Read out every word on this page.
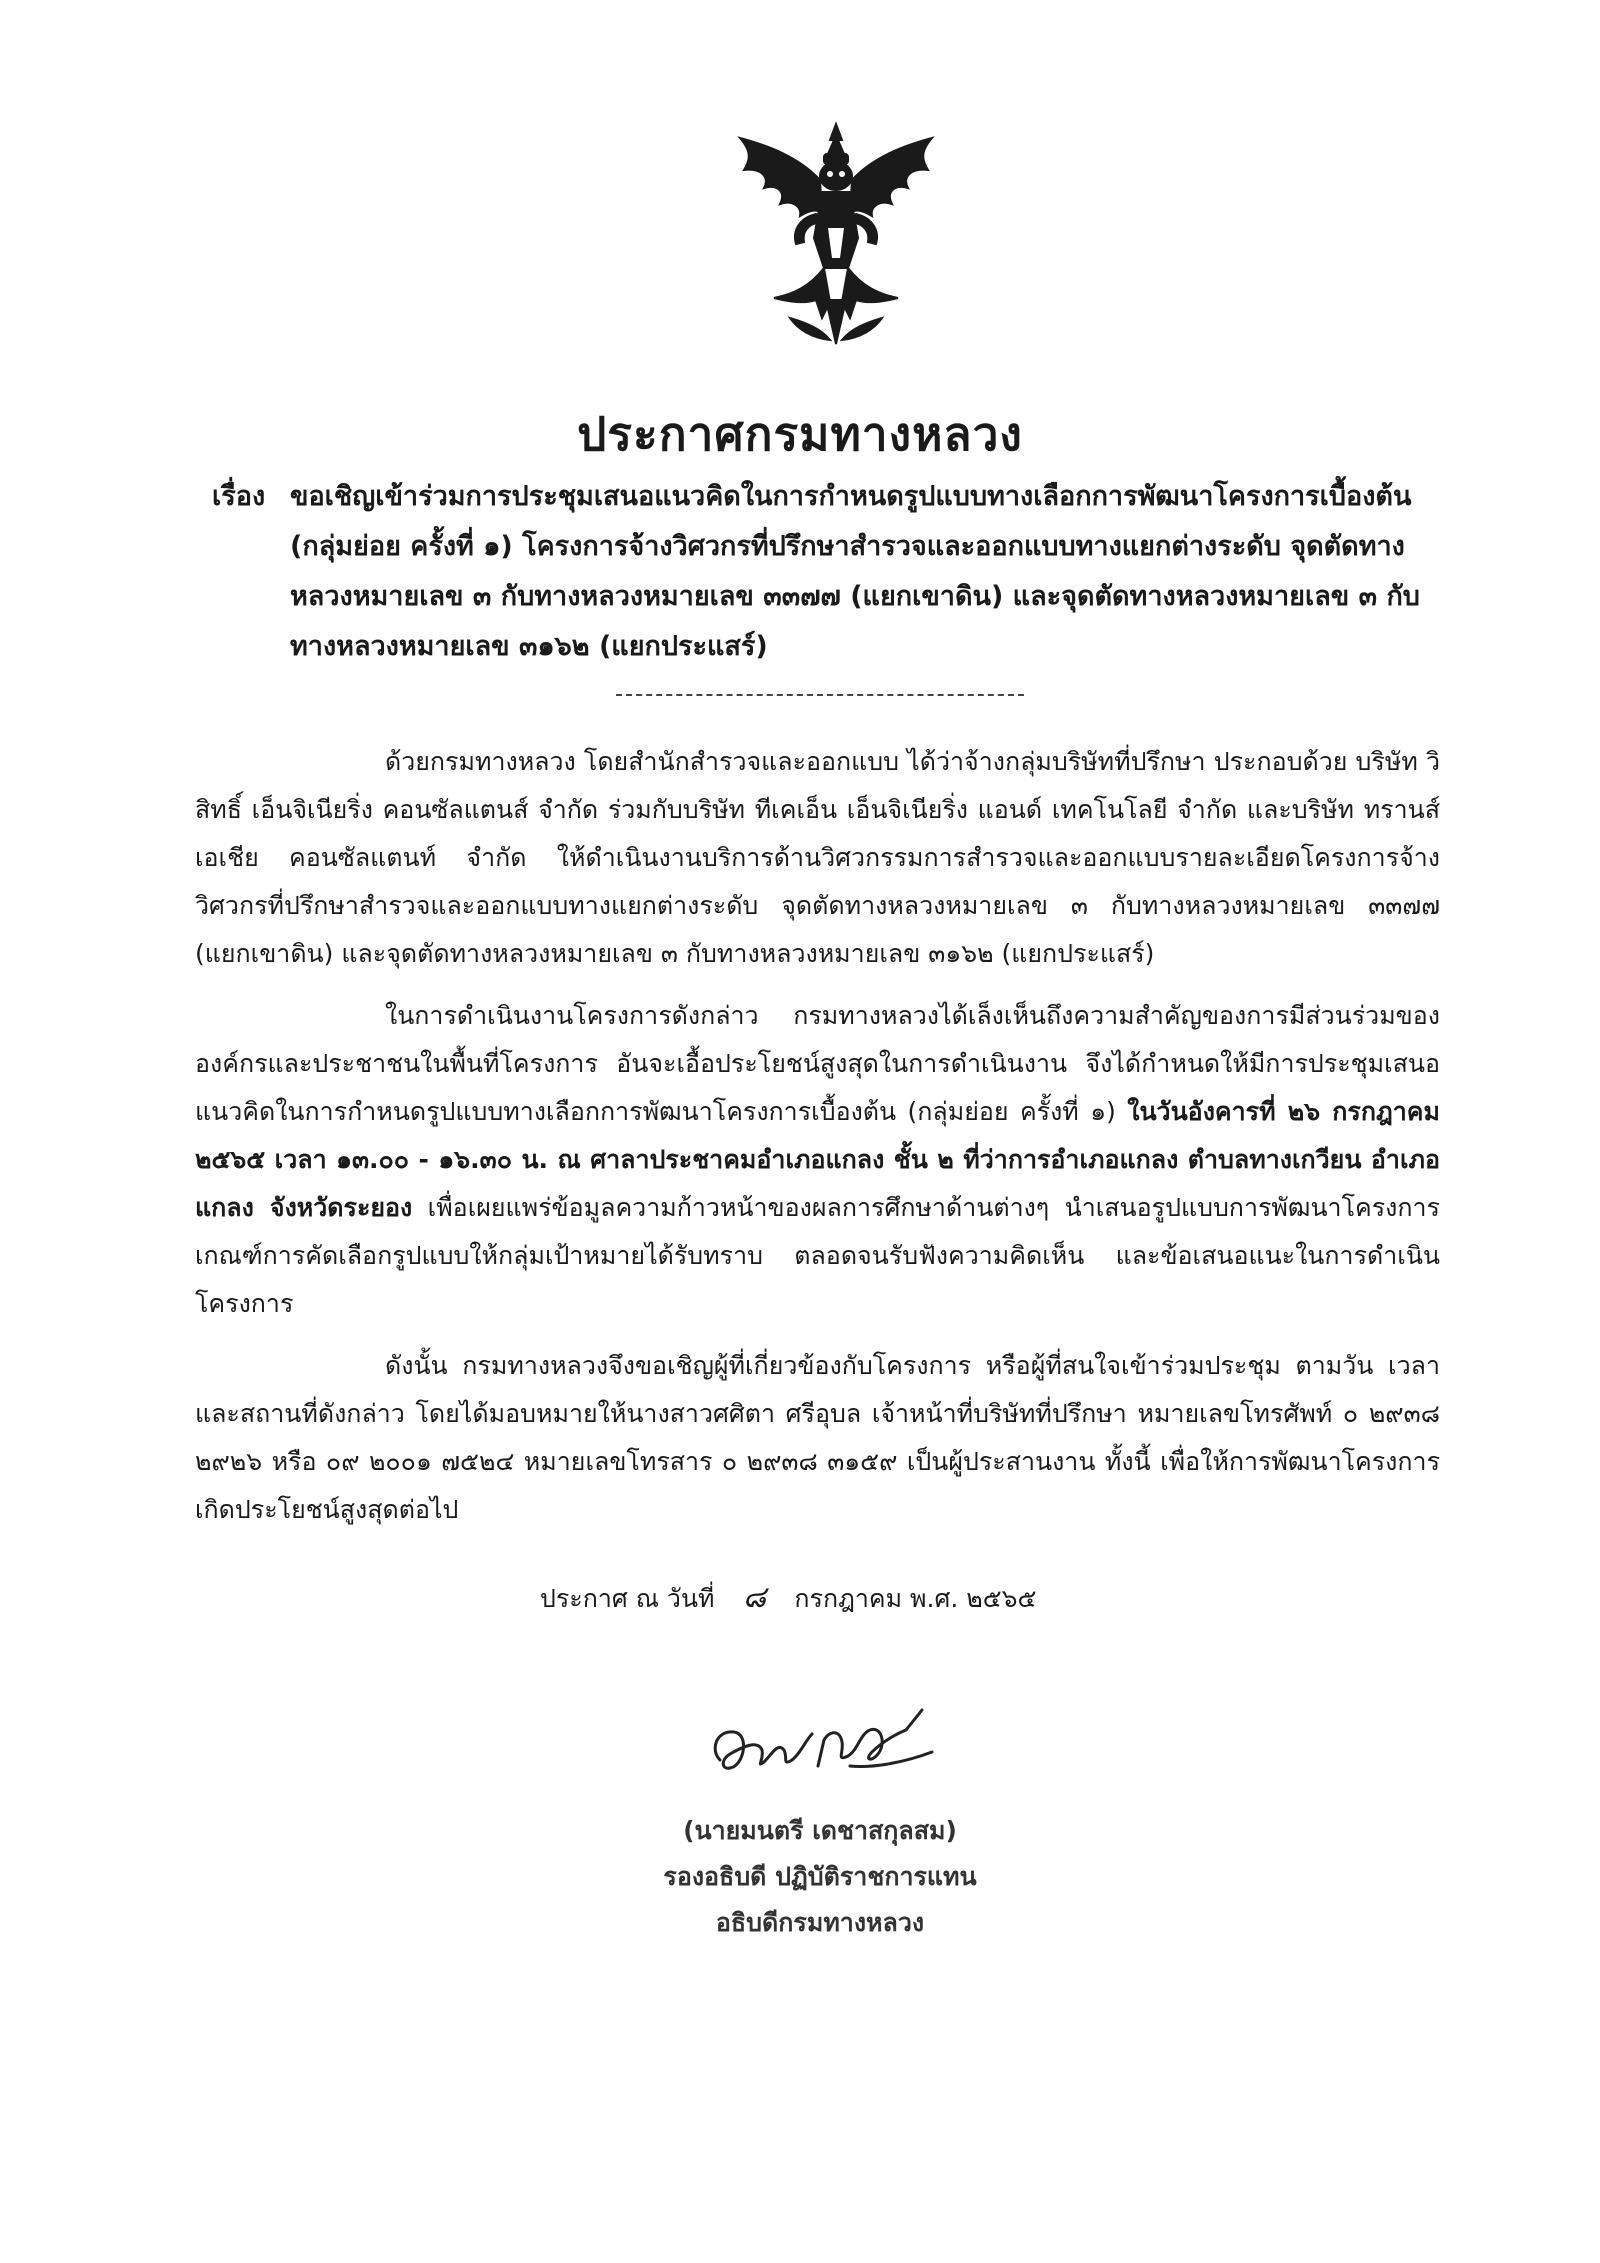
ประกาศกรมทางหลวง
เรื่อง ขอเชิญเข้าร่วมการประชุมเสนอแนวคิดในการกำหนดรูปแบบทางเลือกการพัฒนาโครงการเบื้องต้น (กลุ่มย่อย ครั้งที่ ๑) โครงการจ้างวิศวกรที่ปรึกษาสำรวจและออกแบบทางแยกต่างระดับ จุดตัดทางหลวงหมายเลข ๓ กับทางหลวงหมายเลข ๓๓๗๗ (แยกเขาดิน) และจุดตัดทางหลวงหมายเลข ๓ กับทางหลวงหมายเลข ๓๑๖๒ (แยกประแสร์)

ด้วยกรมทางหลวง โดยสำนักสำรวจและออกแบบ ได้ว่าจ้างกลุ่มบริษัทที่ปรึกษา ประกอบด้วย บริษัท วิสิทธิ์ เอ็นจิเนียริ่ง คอนซัลแตนส์ จำกัด ร่วมกับบริษัท ทีเคเอ็น เอ็นจิเนียริ่ง แอนด์ เทคโนโลยี จำกัด และบริษัท ทรานส์ เอเชีย คอนซัลแตนท์ จำกัด ให้ดำเนินงานบริการด้านวิศวกรรมการสำรวจและออกแบบรายละเอียดโครงการจ้างวิศวกรที่ปรึกษาสำรวจและออกแบบทางแยกต่างระดับ จุดตัดทางหลวงหมายเลข ๓ กับทางหลวงหมายเลข ๓๓๗๗ (แยกเขาดิน) และจุดตัดทางหลวงหมายเลข ๓ กับทางหลวงหมายเลข ๓๑๖๒ (แยกประแสร์)

ในการดำเนินงานโครงการดังกล่าว กรมทางหลวงได้เล็งเห็นถึงความสำคัญของการมีส่วนร่วมขององค์กรและประชาชนในพื้นที่โครงการ อันจะเอื้อประโยชน์สูงสุดในการดำเนินงาน จึงได้กำหนดให้มีการประชุมเสนอแนวคิดในการกำหนดรูปแบบทางเลือกการพัฒนาโครงการเบื้องต้น (กลุ่มย่อย ครั้งที่ ๑) ในวันอังคารที่ ๒๖ กรกฎาคม ๒๕๖๕ เวลา ๑๓.๐๐ - ๑๖.๓๐ น. ณ ศาลาประชาคมอำเภอแกลง ชั้น ๒ ที่ว่าการอำเภอแกลง ตำบลทางเกวียน อำเภอแกลง จังหวัดระยอง เพื่อเผยแพร่ข้อมูลความก้าวหน้าของผลการศึกษาด้านต่างๆ นำเสนอรูปแบบการพัฒนาโครงการ เกณฑ์การคัดเลือกรูปแบบให้กลุ่มเป้าหมายได้รับทราบ ตลอดจนรับฟังความคิดเห็น และข้อเสนอแนะในการดำเนินโครงการ

ดังนั้น กรมทางหลวงจึงขอเชิญผู้ที่เกี่ยวข้องกับโครงการ หรือผู้ที่สนใจเข้าร่วมประชุม ตามวัน เวลา และสถานที่ดังกล่าว โดยได้มอบหมายให้นางสาวศศิตา ศรีอุบล เจ้าหน้าที่บริษัทที่ปรึกษา หมายเลขโทรศัพท์ ๐ ๒๙๓๘ ๒๙๒๖ หรือ ๐๙ ๒๐๐๑ ๗๕๒๔ หมายเลขโทรสาร ๐ ๒๙๓๘ ๓๑๕๙ เป็นผู้ประสานงาน ทั้งนี้ เพื่อให้การพัฒนาโครงการเกิดประโยชน์สูงสุดต่อไป

ประกาศ ณ วันที่ ๘ กรกฎาคม พ.ศ. ๒๕๖๕
(นายมนตรี เดชาสกุลสม)
รองอธิบดี ปฏิบัติราชการแทน
อธิบดีกรมทางหลวง
